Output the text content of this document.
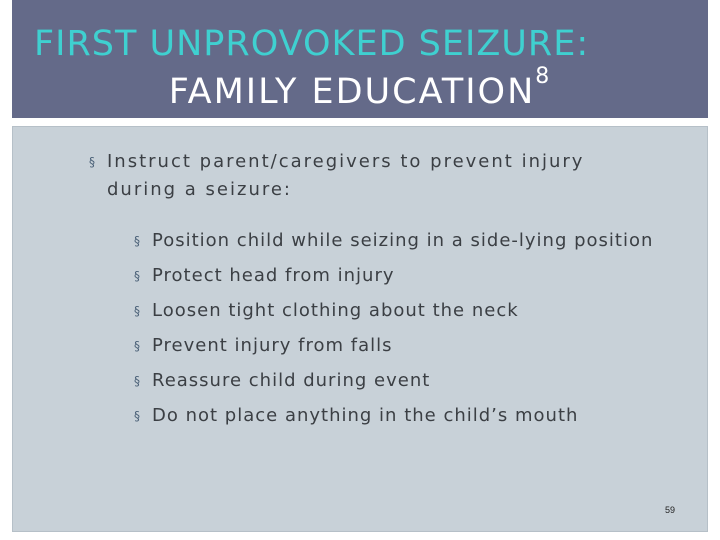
FIRST UNPROVOKED SEIZURE:
FAMILY EDUCATION$^8$
§ Instruct parent/caregivers to prevent injury during a seizure:
§ Position child while seizing in a side-lying position
§ Protect head from injury
§ Loosen tight clothing about the neck
§ Prevent injury from falls
§ Reassure child during event
§ Do not place anything in the child’s mouth
59
